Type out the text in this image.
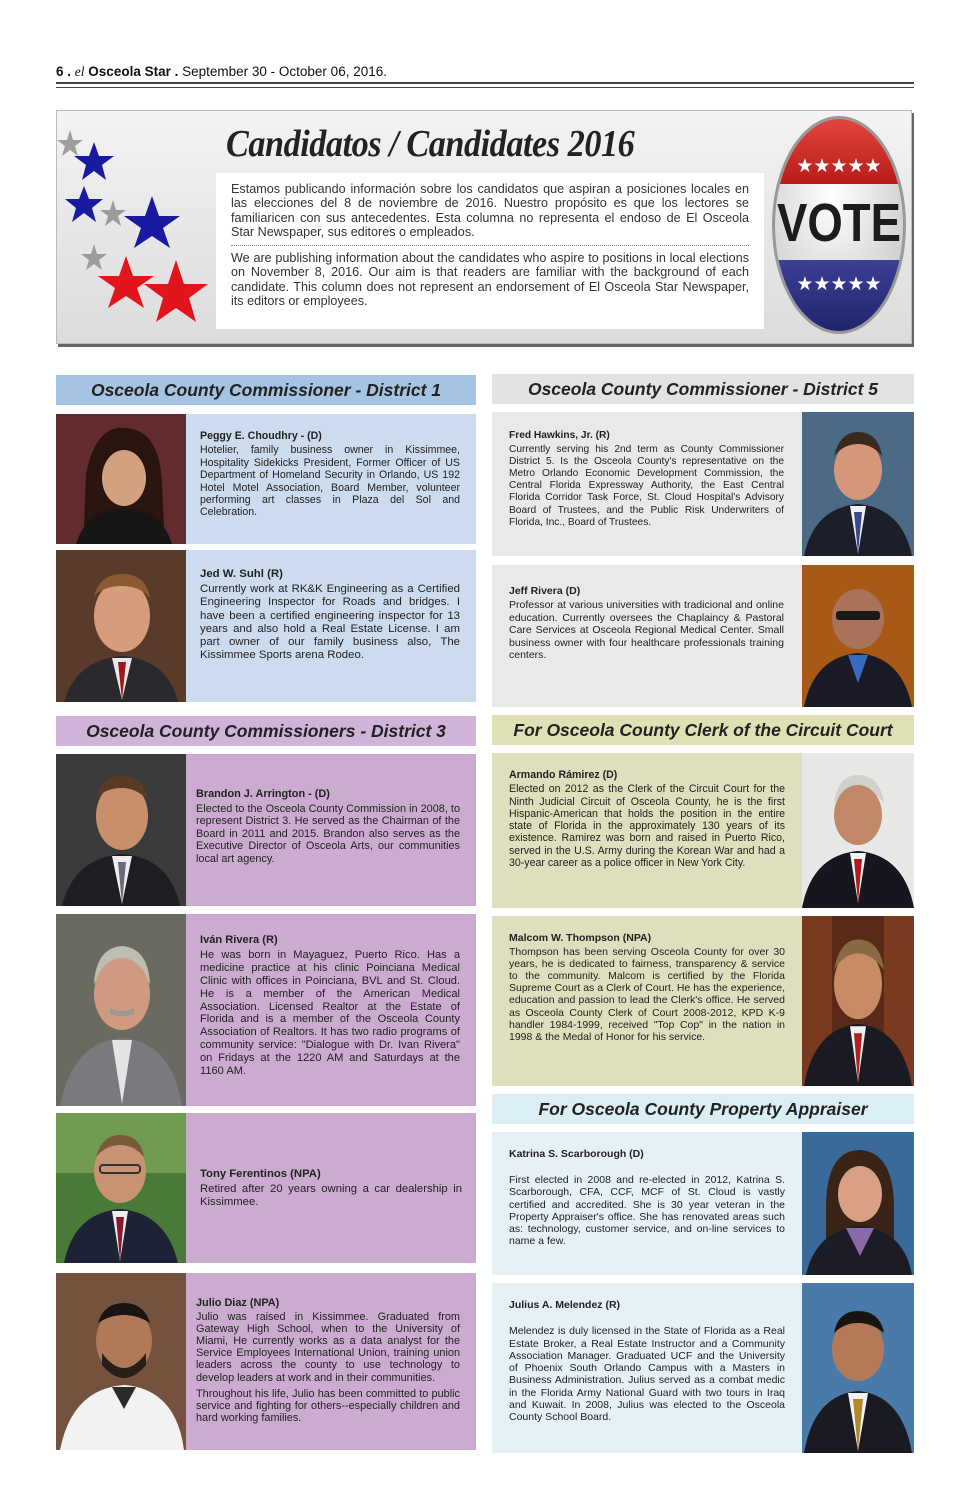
6 . el Osceola Star . September 30 - October 06, 2016.
Candidatos / Candidates 2016

Estamos publicando información sobre los candidatos que aspiran a posiciones locales en las elecciones del 8 de noviembre de 2016. Nuestro propósito es que los lectores se familiaricen con sus antecedentes. Esta columna no representa el endoso de El Osceola Star Newspaper, sus editores o empleados.

We are publishing information about the candidates who aspire to positions in local elections on November 8, 2016. Our aim is that readers are familiar with the background of each candidate. This column does not represent an endorsement of El Osceola Star Newspaper, its editors or employees.

★★★★★
VOTE
★★★★★
Osceola County Commissioner - District 1
Peggy E. Choudhry - (D)
Hotelier, family business owner in Kissimmee, Hospitality Sidekicks President, Former Officer of US Department of Homeland Security in Orlando, US 192 Hotel Motel Association, Board Member, volunteer performing art classes in Plaza del Sol and Celebration.
Jed W. Suhl (R)
Currently work at RK&K Engineering as a Certified Engineering Inspector for Roads and bridges. I have been a certified engineering inspector for 13 years and also hold a Real Estate License. I am part owner of our family business also, The Kissimmee Sports arena Rodeo.
Osceola County Commissioners - District 3
Brandon J. Arrington - (D)
Elected to the Osceola County Commission in 2008, to represent District 3. He served as the Chairman of the Board in 2011 and 2015. Brandon also serves as the Executive Director of Osceola Arts, our communities local art agency.
Iván Rivera (R)
He was born in Mayaguez, Puerto Rico. Has a medicine practice at his clinic Poinciana Medical Clinic with offices in Poinciana, BVL and St. Cloud. He is a member of the American Medical Association. Licensed Realtor at the Estate of Florida and is a member of the Osceola County Association of Realtors. It has two radio programs of community service: "Dialogue with Dr. Ivan Rivera" on Fridays at the 1220 AM and Saturdays at the 1160 AM.
Tony Ferentinos (NPA)
Retired after 20 years owning a car dealership in Kissimmee.
Julio Diaz (NPA)
Julio was raised in Kissimmee. Graduated from Gateway High School, when to the University of Miami, He currently works as a data analyst for the Service Employees International Union, training union leaders across the county to use technology to develop leaders at work and in their communities.
Throughout his life, Julio has been committed to public service and fighting for others--especially children and hard working families.
Osceola County Commissioner - District 5
Fred Hawkins, Jr. (R)
Currently serving his 2nd term as County Commissioner District 5. Is the Osceola County's representative on the Metro Orlando Economic Development Commission, the Central Florida Expressway Authority, the East Central Florida Corridor Task Force, St. Cloud Hospital's Advisory Board of Trustees, and the Public Risk Underwriters of Florida, Inc., Board of Trustees.
Jeff Rivera (D)
Professor at various universities with tradicional and online education. Currently oversees the Chaplaincy & Pastoral Care Services at Osceola Regional Medical Center. Small business owner with four healthcare professionals training centers.
For Osceola County Clerk of the Circuit Court
Armando Rámirez (D)
Elected on 2012 as the Clerk of the Circuit Court for the Ninth Judicial Circuit of Osceola County, he is the first Hispanic-American that holds the position in the entire state of Florida in the approximately 130 years of its existence. Ramirez was born and raised in Puerto Rico, served in the U.S. Army during the Korean War and had a 30-year career as a police officer in New York City.
Malcom W. Thompson (NPA)
Thompson has been serving Osceola County for over 30 years, he is dedicated to fairness, transparency & service to the community. Malcom is certified by the Florida Supreme Court as a Clerk of Court. He has the experience, education and passion to lead the Clerk's office. He served as Osceola County Clerk of Court 2008-2012, KPD K-9 handler 1984-1999, received "Top Cop" in the nation in 1998 & the Medal of Honor for his service.
For Osceola County Property Appraiser
Katrina S. Scarborough (D)
First elected in 2008 and re-elected in 2012, Katrina S. Scarborough, CFA, CCF, MCF of St. Cloud is vastly certified and accredited. She is 30 year veteran in the Property Appraiser's office. She has renovated areas such as: technology, customer service, and on-line services to name a few.
Julius A. Melendez (R)
Melendez is duly licensed in the State of Florida as a Real Estate Broker, a Real Estate Instructor and a Community Association Manager. Graduated UCF and the University of Phoenix South Orlando Campus with a Masters in Business Administration. Julius served as a combat medic in the Florida Army National Guard with two tours in Iraq and Kuwait. In 2008, Julius was elected to the Osceola County School Board.
